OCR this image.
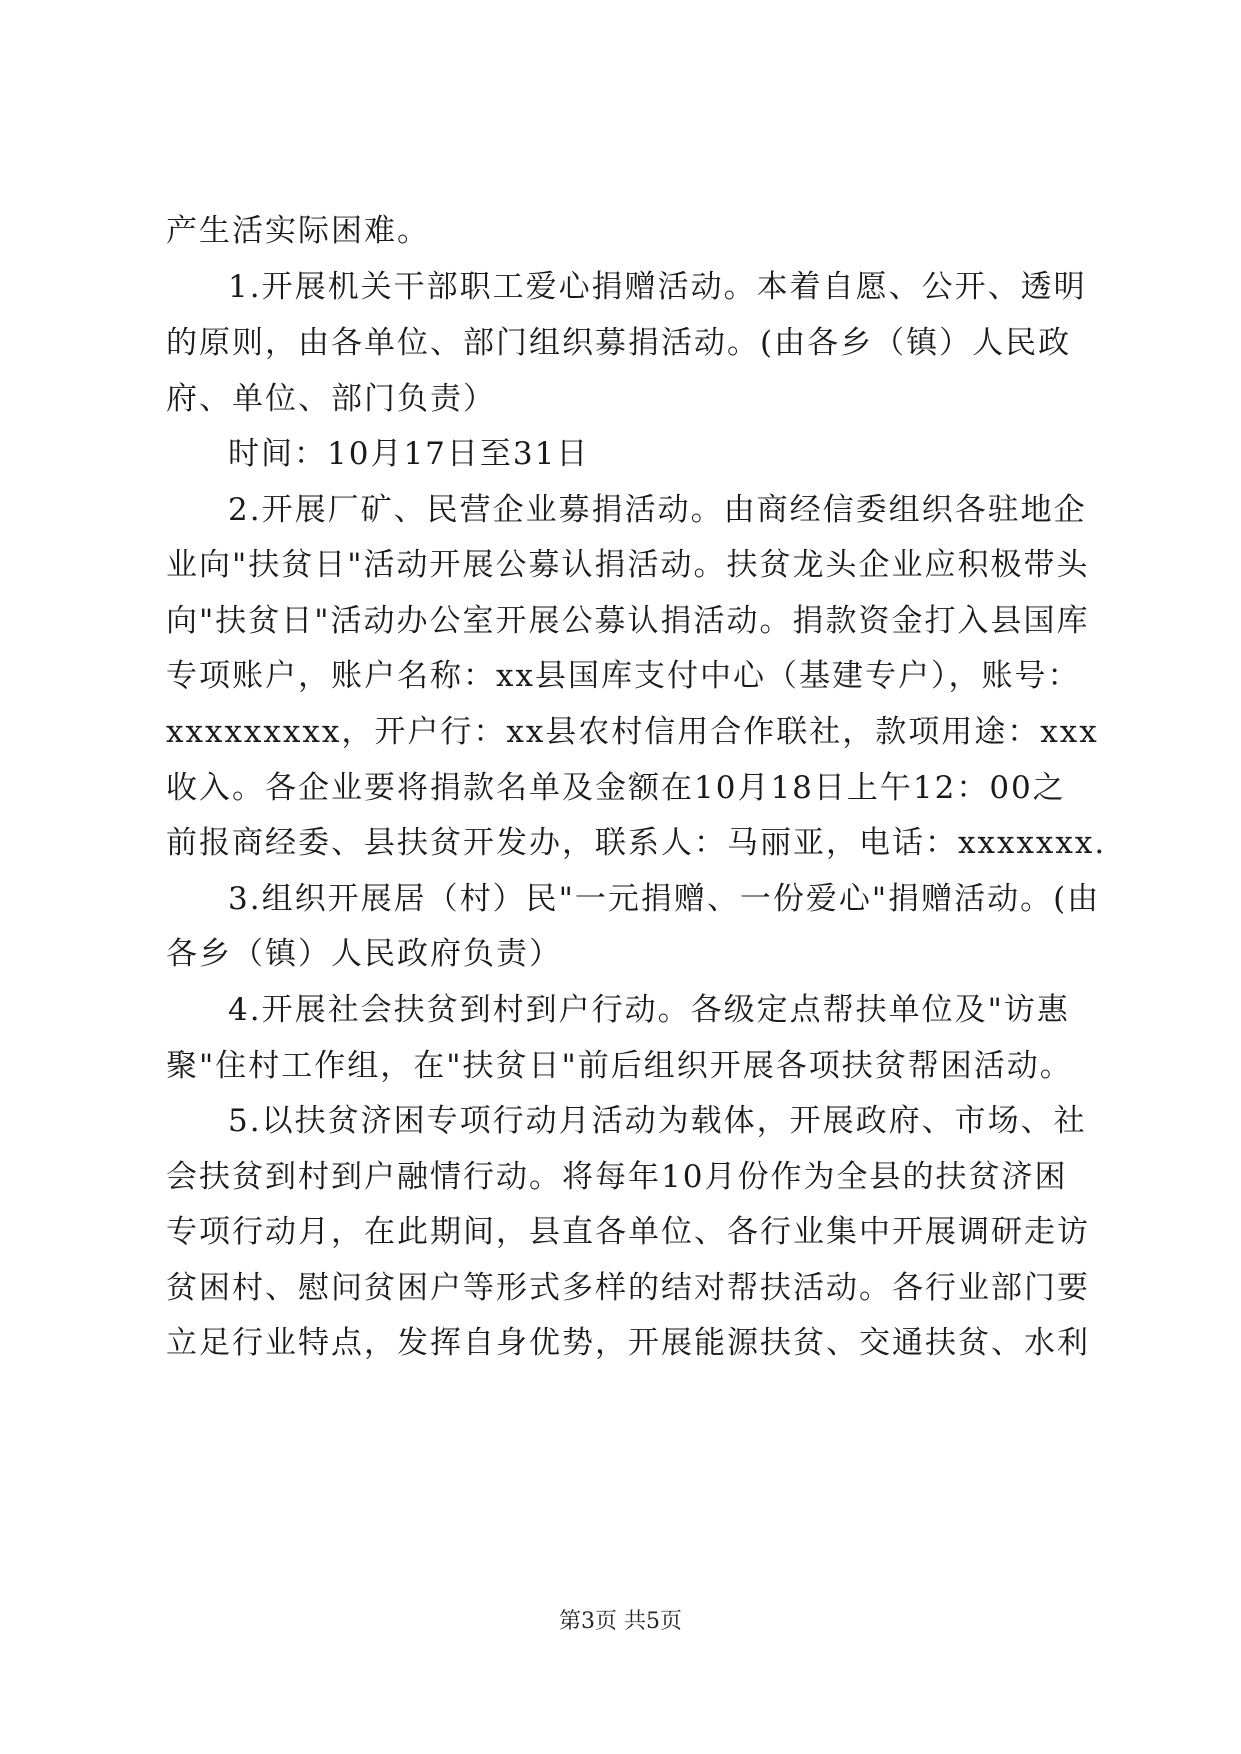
产生活实际困难。
1.开展机关干部职工爱心捐赠活动。本着自愿、公开、透明
的原则，由各单位、部门组织募捐活动。(由各乡（镇）人民政
府、单位、部门负责）
时间：10月17日至31日
2.开展厂矿、民营企业募捐活动。由商经信委组织各驻地企
业向"扶贫日"活动开展公募认捐活动。扶贫龙头企业应积极带头
向"扶贫日"活动办公室开展公募认捐活动。捐款资金打入县国库
专项账户，账户名称：xx县国库支付中心（基建专户），账号：
xxxxxxxxx，开户行：xx县农村信用合作联社，款项用途：xxx
收入。各企业要将捐款名单及金额在10月18日上午12：00之
前报商经委、县扶贫开发办，联系人：马丽亚，电话：xxxxxxx.
3.组织开展居（村）民"一元捐赠、一份爱心"捐赠活动。(由
各乡（镇）人民政府负责）
4.开展社会扶贫到村到户行动。各级定点帮扶单位及"访惠
聚"住村工作组，在"扶贫日"前后组织开展各项扶贫帮困活动。
5.以扶贫济困专项行动月活动为载体，开展政府、市场、社
会扶贫到村到户融情行动。将每年10月份作为全县的扶贫济困
专项行动月，在此期间，县直各单位、各行业集中开展调研走访
贫困村、慰问贫困户等形式多样的结对帮扶活动。各行业部门要
立足行业特点，发挥自身优势，开展能源扶贫、交通扶贫、水利
第3页 共5页
